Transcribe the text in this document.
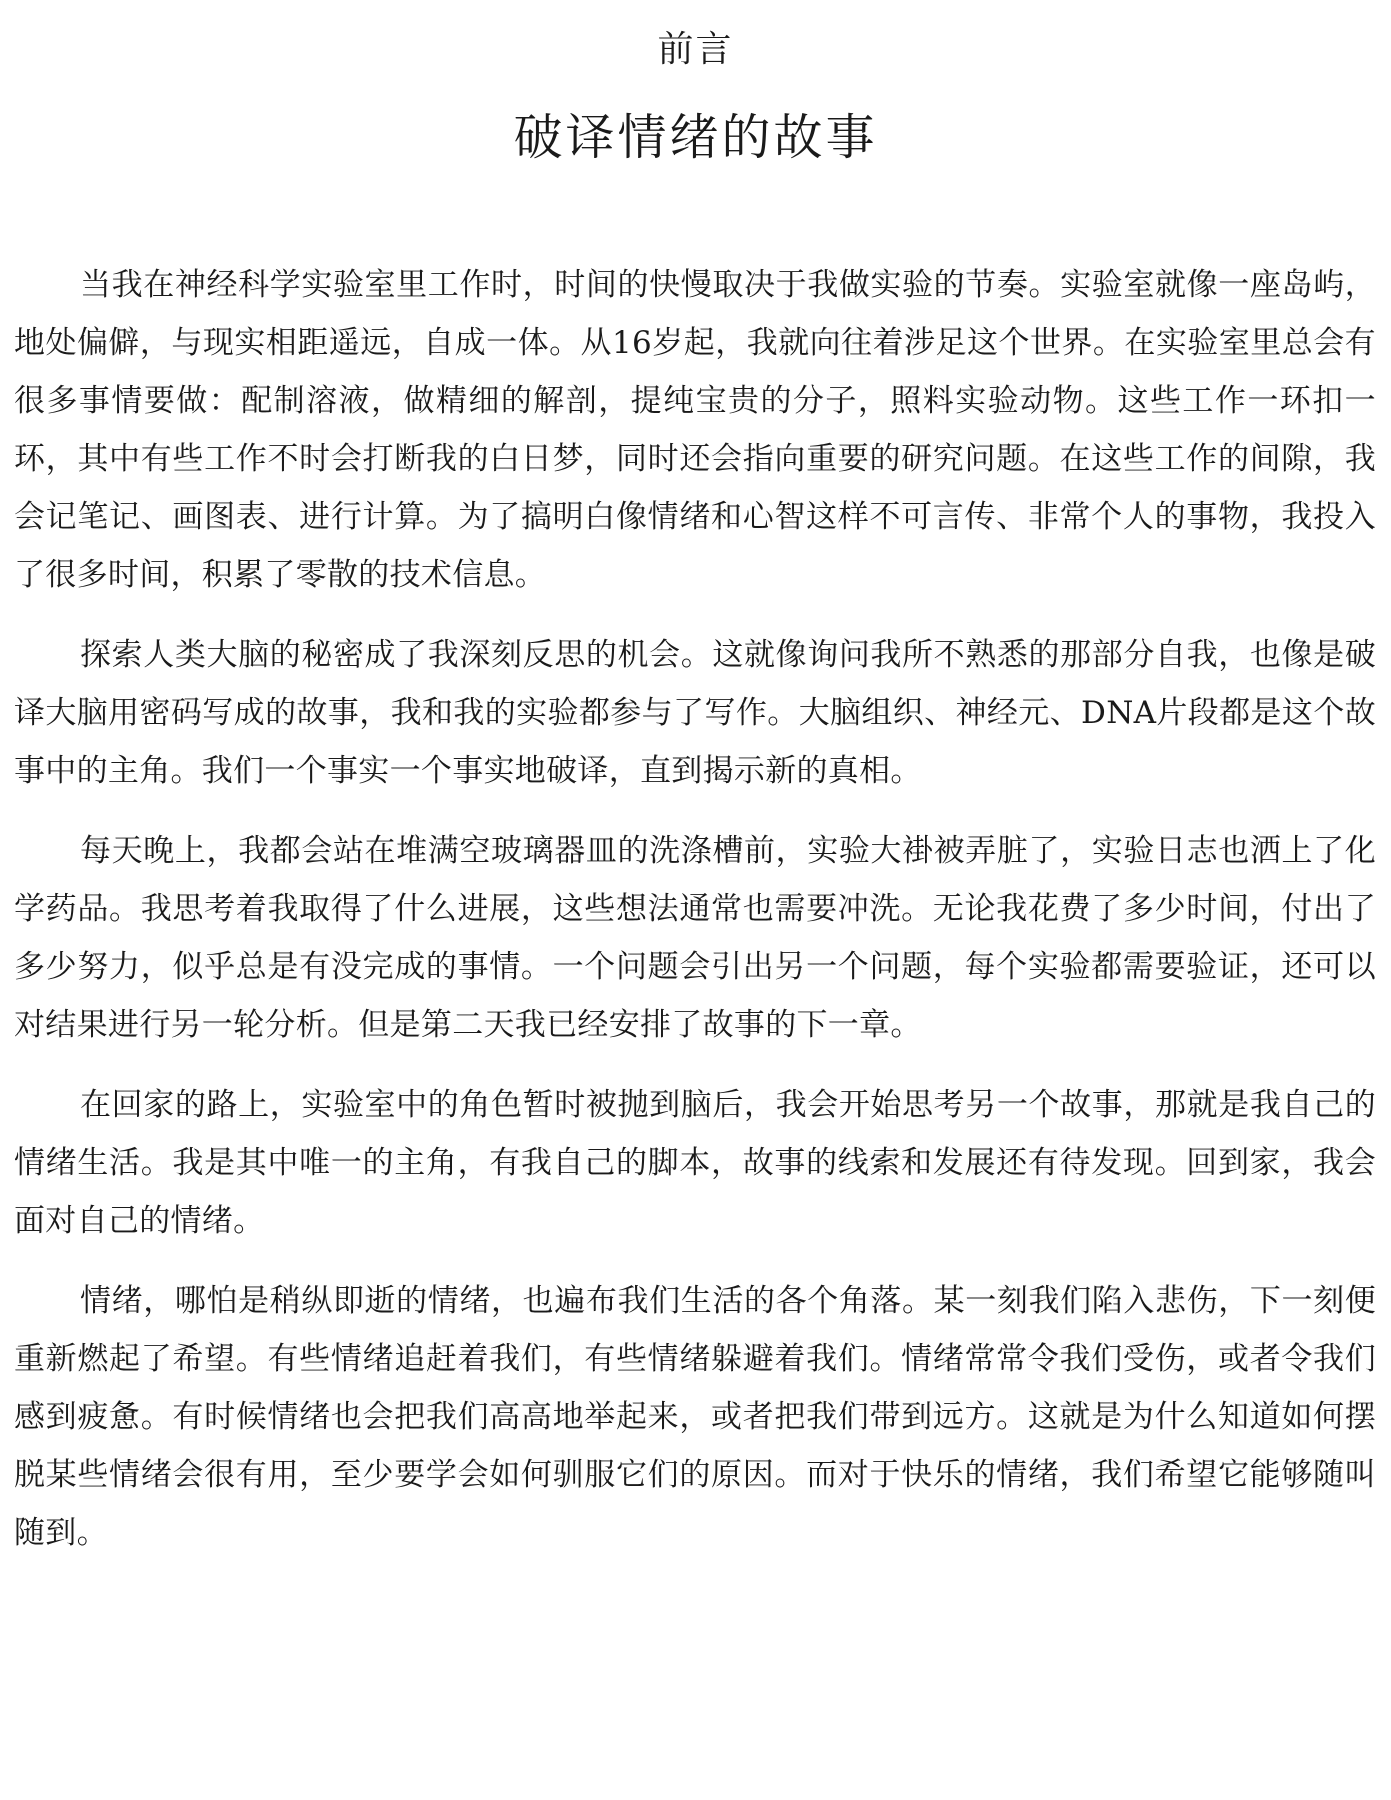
前言
破译情绪的故事

当我在神经科学实验室里工作时，时间的快慢取决于我做实验的节奏。实验室就像一座岛屿，地处偏僻，与现实相距遥远，自成一体。从16岁起，我就向往着涉足这个世界。在实验室里总会有很多事情要做：配制溶液，做精细的解剖，提纯宝贵的分子，照料实验动物。这些工作一环扣一环，其中有些工作不时会打断我的白日梦，同时还会指向重要的研究问题。在这些工作的间隙，我会记笔记、画图表、进行计算。为了搞明白像情绪和心智这样不可言传、非常个人的事物，我投入了很多时间，积累了零散的技术信息。

探索人类大脑的秘密成了我深刻反思的机会。这就像询问我所不熟悉的那部分自我，也像是破译大脑用密码写成的故事，我和我的实验都参与了写作。大脑组织、神经元、DNA片段都是这个故事中的主角。我们一个事实一个事实地破译，直到揭示新的真相。

每天晚上，我都会站在堆满空玻璃器皿的洗涤槽前，实验大褂被弄脏了，实验日志也洒上了化学药品。我思考着我取得了什么进展，这些想法通常也需要冲洗。无论我花费了多少时间，付出了多少努力，似乎总是有没完成的事情。一个问题会引出另一个问题，每个实验都需要验证，还可以对结果进行另一轮分析。但是第二天我已经安排了故事的下一章。

在回家的路上，实验室中的角色暂时被抛到脑后，我会开始思考另一个故事，那就是我自己的情绪生活。我是其中唯一的主角，有我自己的脚本，故事的线索和发展还有待发现。回到家，我会面对自己的情绪。

情绪，哪怕是稍纵即逝的情绪，也遍布我们生活的各个角落。某一刻我们陷入悲伤，下一刻便重新燃起了希望。有些情绪追赶着我们，有些情绪躲避着我们。情绪常常令我们受伤，或者令我们感到疲惫。有时候情绪也会把我们高高地举起来，或者把我们带到远方。这就是为什么知道如何摆脱某些情绪会很有用，至少要学会如何驯服它们的原因。而对于快乐的情绪，我们希望它能够随叫随到。
